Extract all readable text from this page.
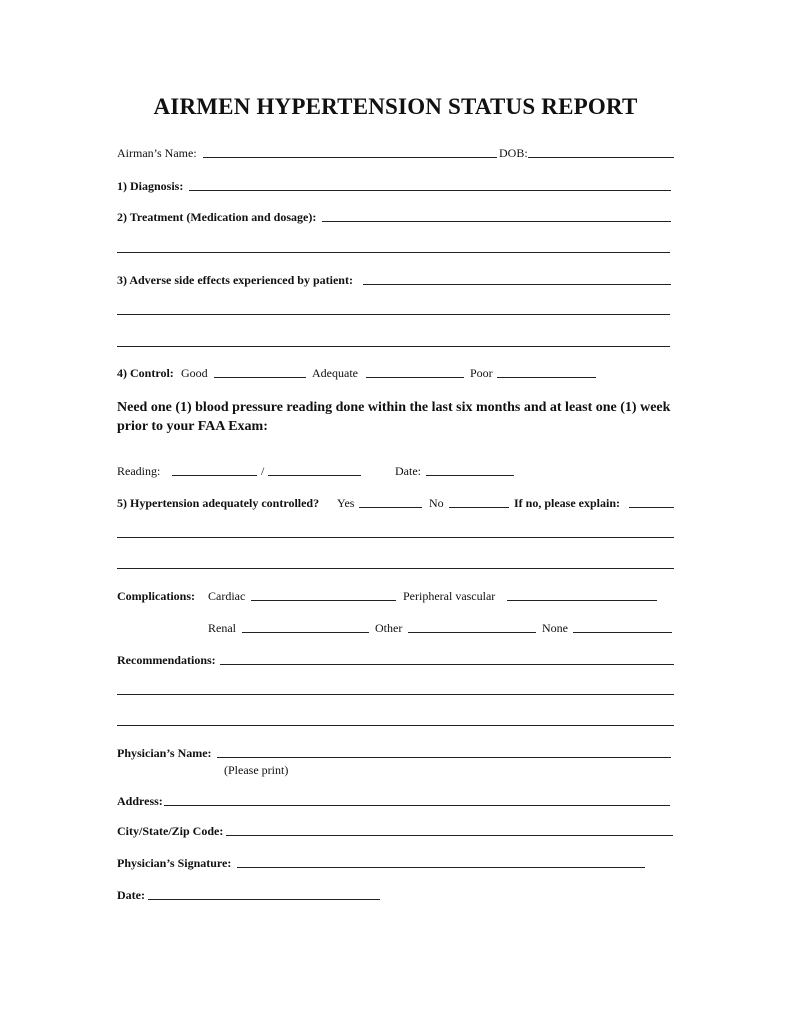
AIRMEN HYPERTENSION STATUS REPORT
Airman’s Name:	DOB:
1) Diagnosis:
2) Treatment (Medication and dosage):
3) Adverse side effects experienced by patient:
4) Control: Good	Adequate	Poor

Need one (1) blood pressure reading done within the last six months and at least one (1) week prior to your FAA Exam:

Reading:	/	Date:
5) Hypertension adequately controlled? Yes	No	If no, please explain:
Complications: Cardiac	Peripheral vascular
Renal	Other	None
Recommendations:
Physician’s Name:
(Please print)
Address:
City/State/Zip Code:
Physician’s Signature:
Date:
